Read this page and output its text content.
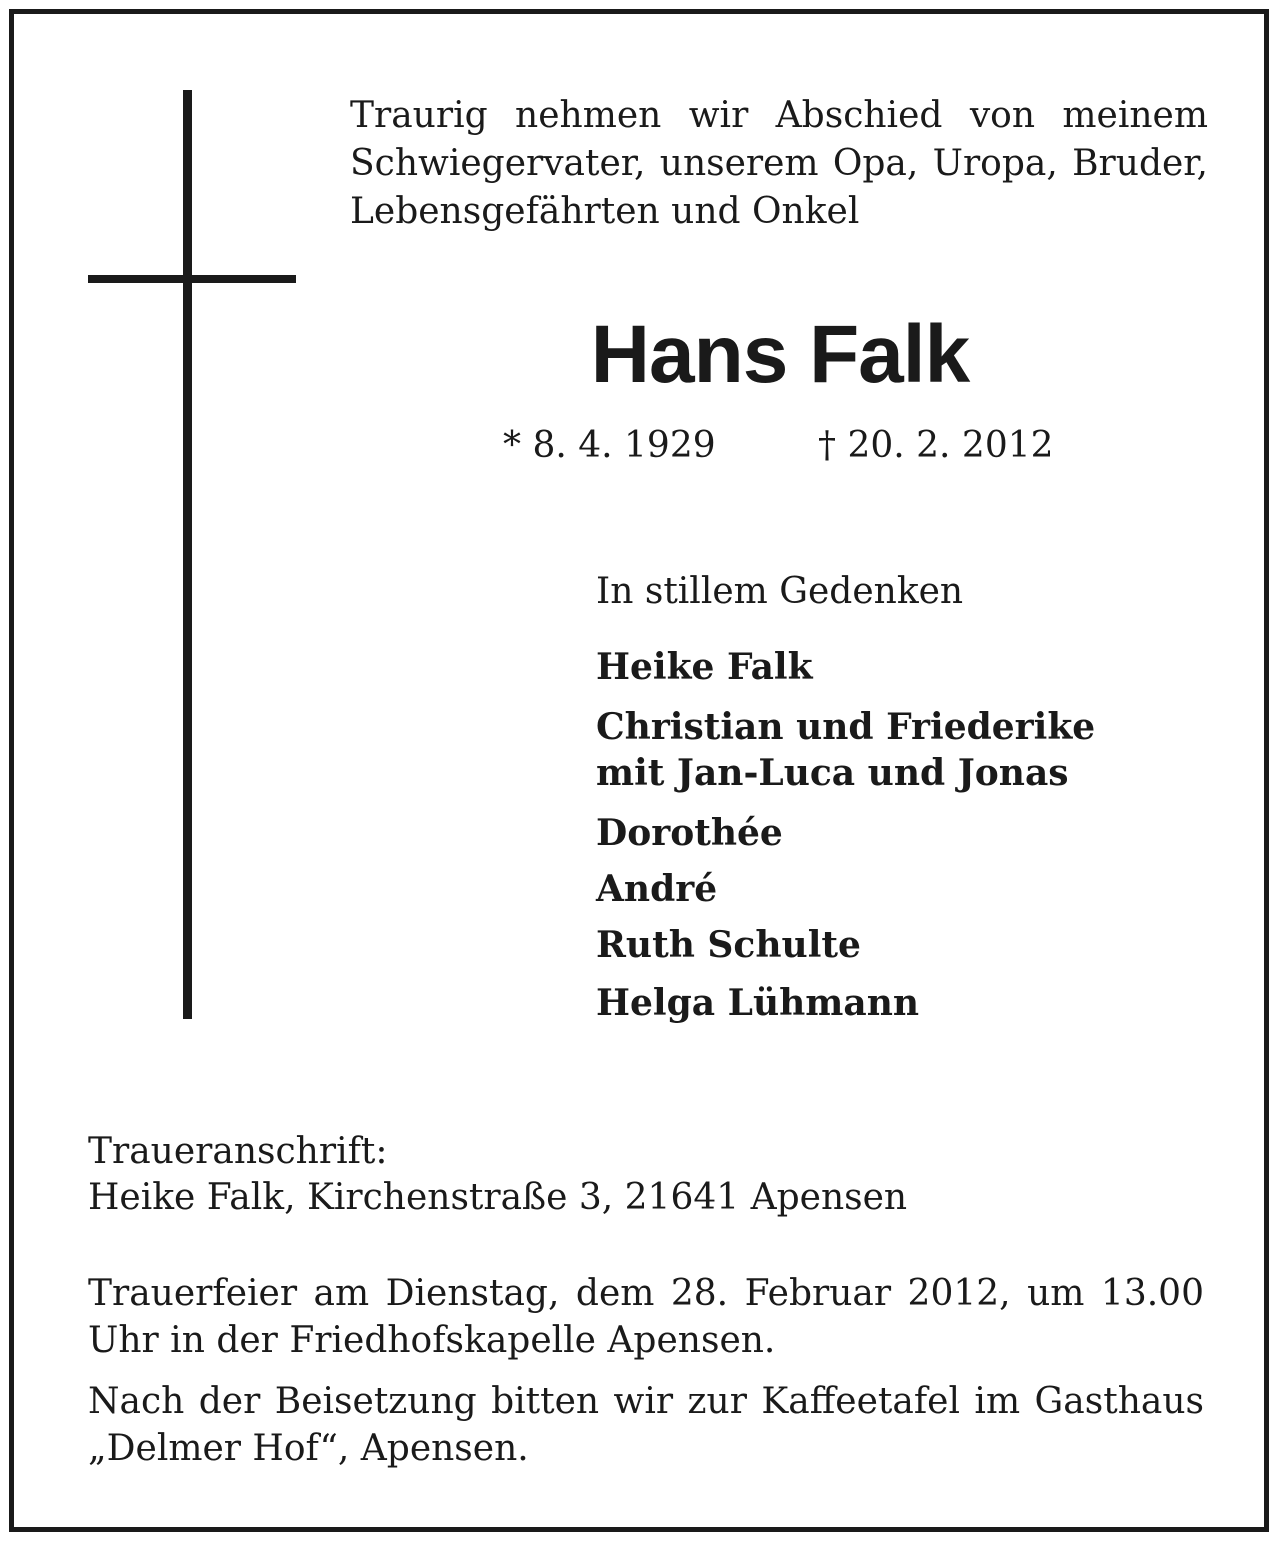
Traurig nehmen wir Abschied von meinem Schwiegervater, unserem Opa, Uropa, Bruder, Lebensgefährten und Onkel
Hans Falk
* 8. 4. 1929	† 20. 2. 2012
In stillem Gedenken
Heike Falk
Christian und Friederike
mit Jan-Luca und Jonas
Dorothée
André
Ruth Schulte
Helga Lühmann
Traueranschrift:
Heike Falk, Kirchenstraße 3, 21641 Apensen
Trauerfeier am Dienstag, dem 28. Februar 2012, um 13.00 Uhr in der Friedhofskapelle Apensen.
Nach der Beisetzung bitten wir zur Kaffeetafel im Gasthaus „Delmer Hof“, Apensen.
